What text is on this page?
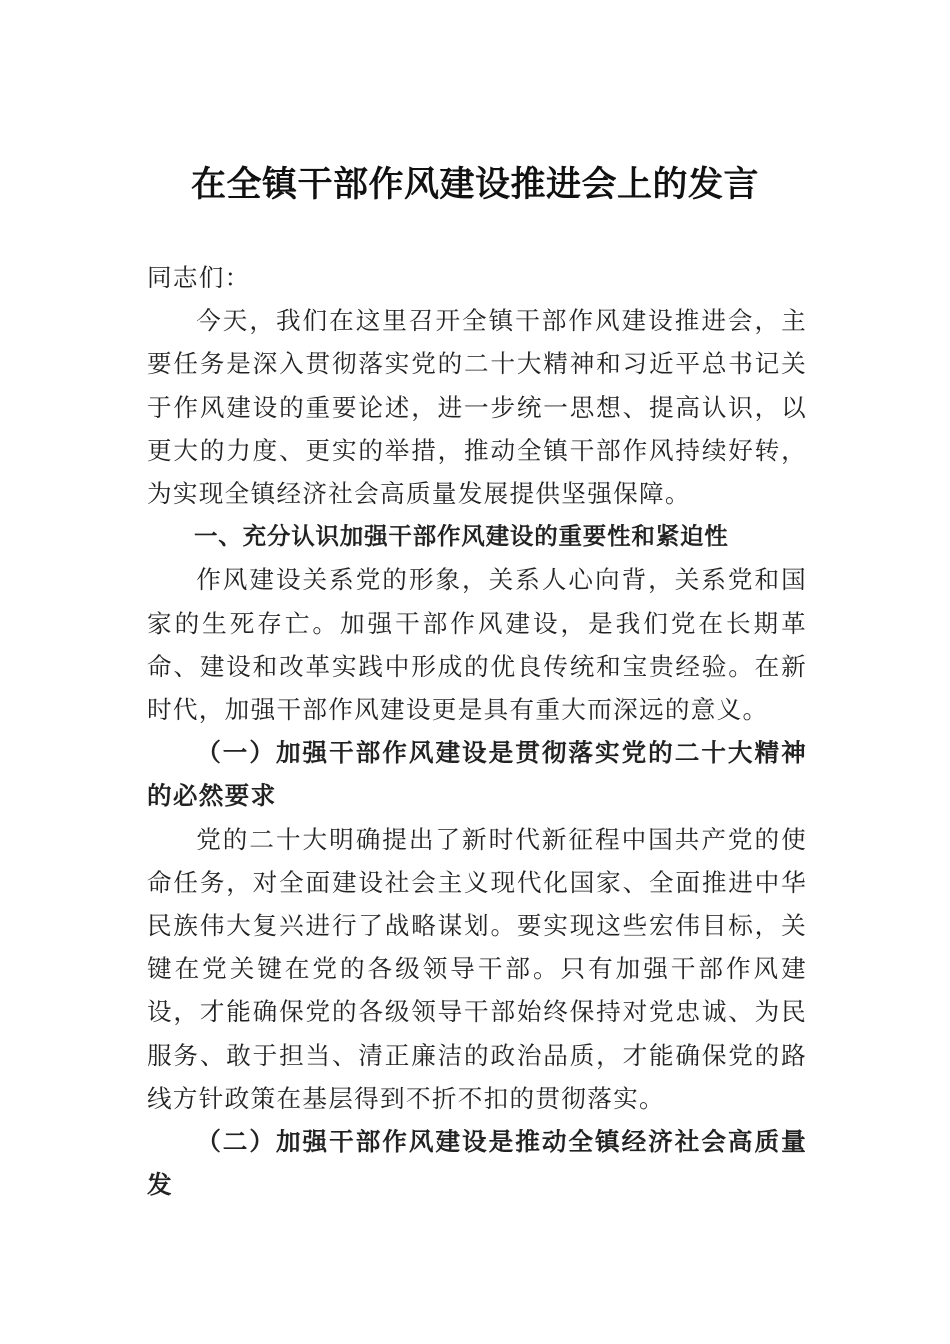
在全镇干部作风建设推进会上的发言

同志们：

今天，我们在这里召开全镇干部作风建设推进会，主要任务是深入贯彻落实党的二十大精神和习近平总书记关于作风建设的重要论述，进一步统一思想、提高认识，以更大的力度、更实的举措，推动全镇干部作风持续好转，为实现全镇经济社会高质量发展提供坚强保障。

一、充分认识加强干部作风建设的重要性和紧迫性

作风建设关系党的形象，关系人心向背，关系党和国家的生死存亡。加强干部作风建设，是我们党在长期革命、建设和改革实践中形成的优良传统和宝贵经验。在新时代，加强干部作风建设更是具有重大而深远的意义。

（一）加强干部作风建设是贯彻落实党的二十大精神的必然要求

党的二十大明确提出了新时代新征程中国共产党的使命任务，对全面建设社会主义现代化国家、全面推进中华民族伟大复兴进行了战略谋划。要实现这些宏伟目标，关键在党关键在党的各级领导干部。只有加强干部作风建设，才能确保党的各级领导干部始终保持对党忠诚、为民服务、敢于担当、清正廉洁的政治品质，才能确保党的路线方针政策在基层得到不折不扣的贯彻落实。

（二）加强干部作风建设是推动全镇经济社会高质量发
